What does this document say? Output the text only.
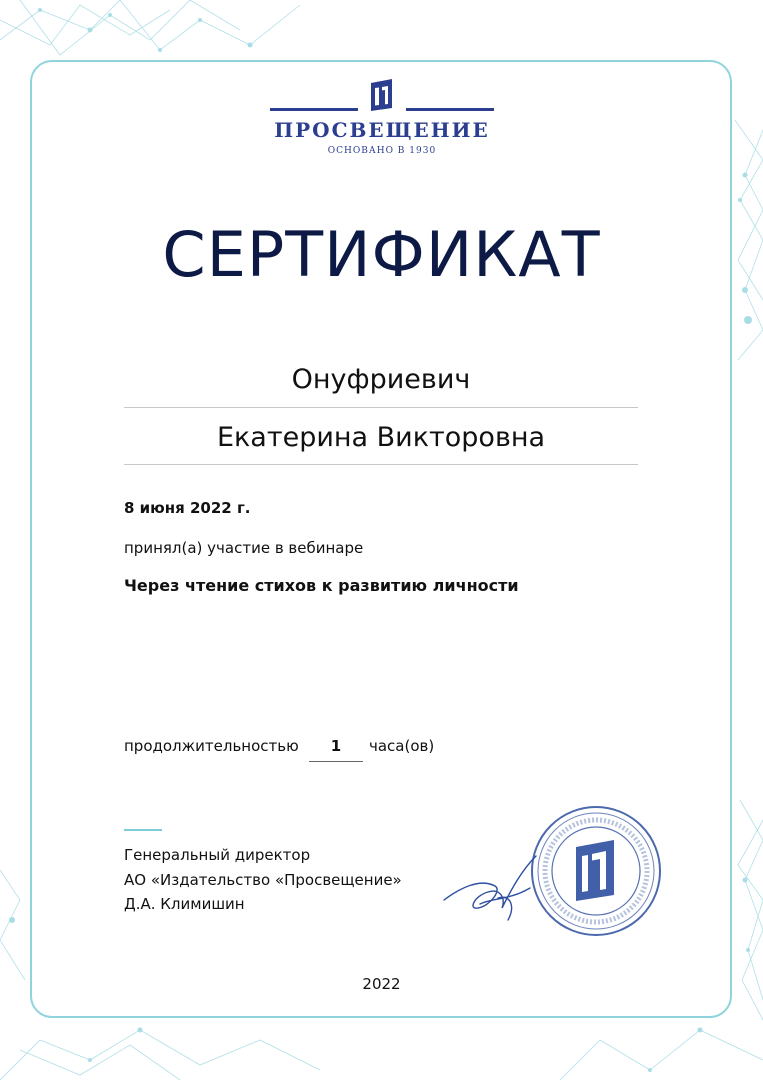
ПРОСВЕЩЕНИЕ
ОСНОВАНО В 1930
СЕРТИФИКАТ
Онуфриевич
Екатерина Викторовна
8 июня 2022 г.
принял(а) участие в вебинаре
Через чтение стихов к развитию личности
продолжительностью	1	часа(ов)
Генеральный директор
АО «Издательство «Просвещение»
Д.А. Климишин
2022
